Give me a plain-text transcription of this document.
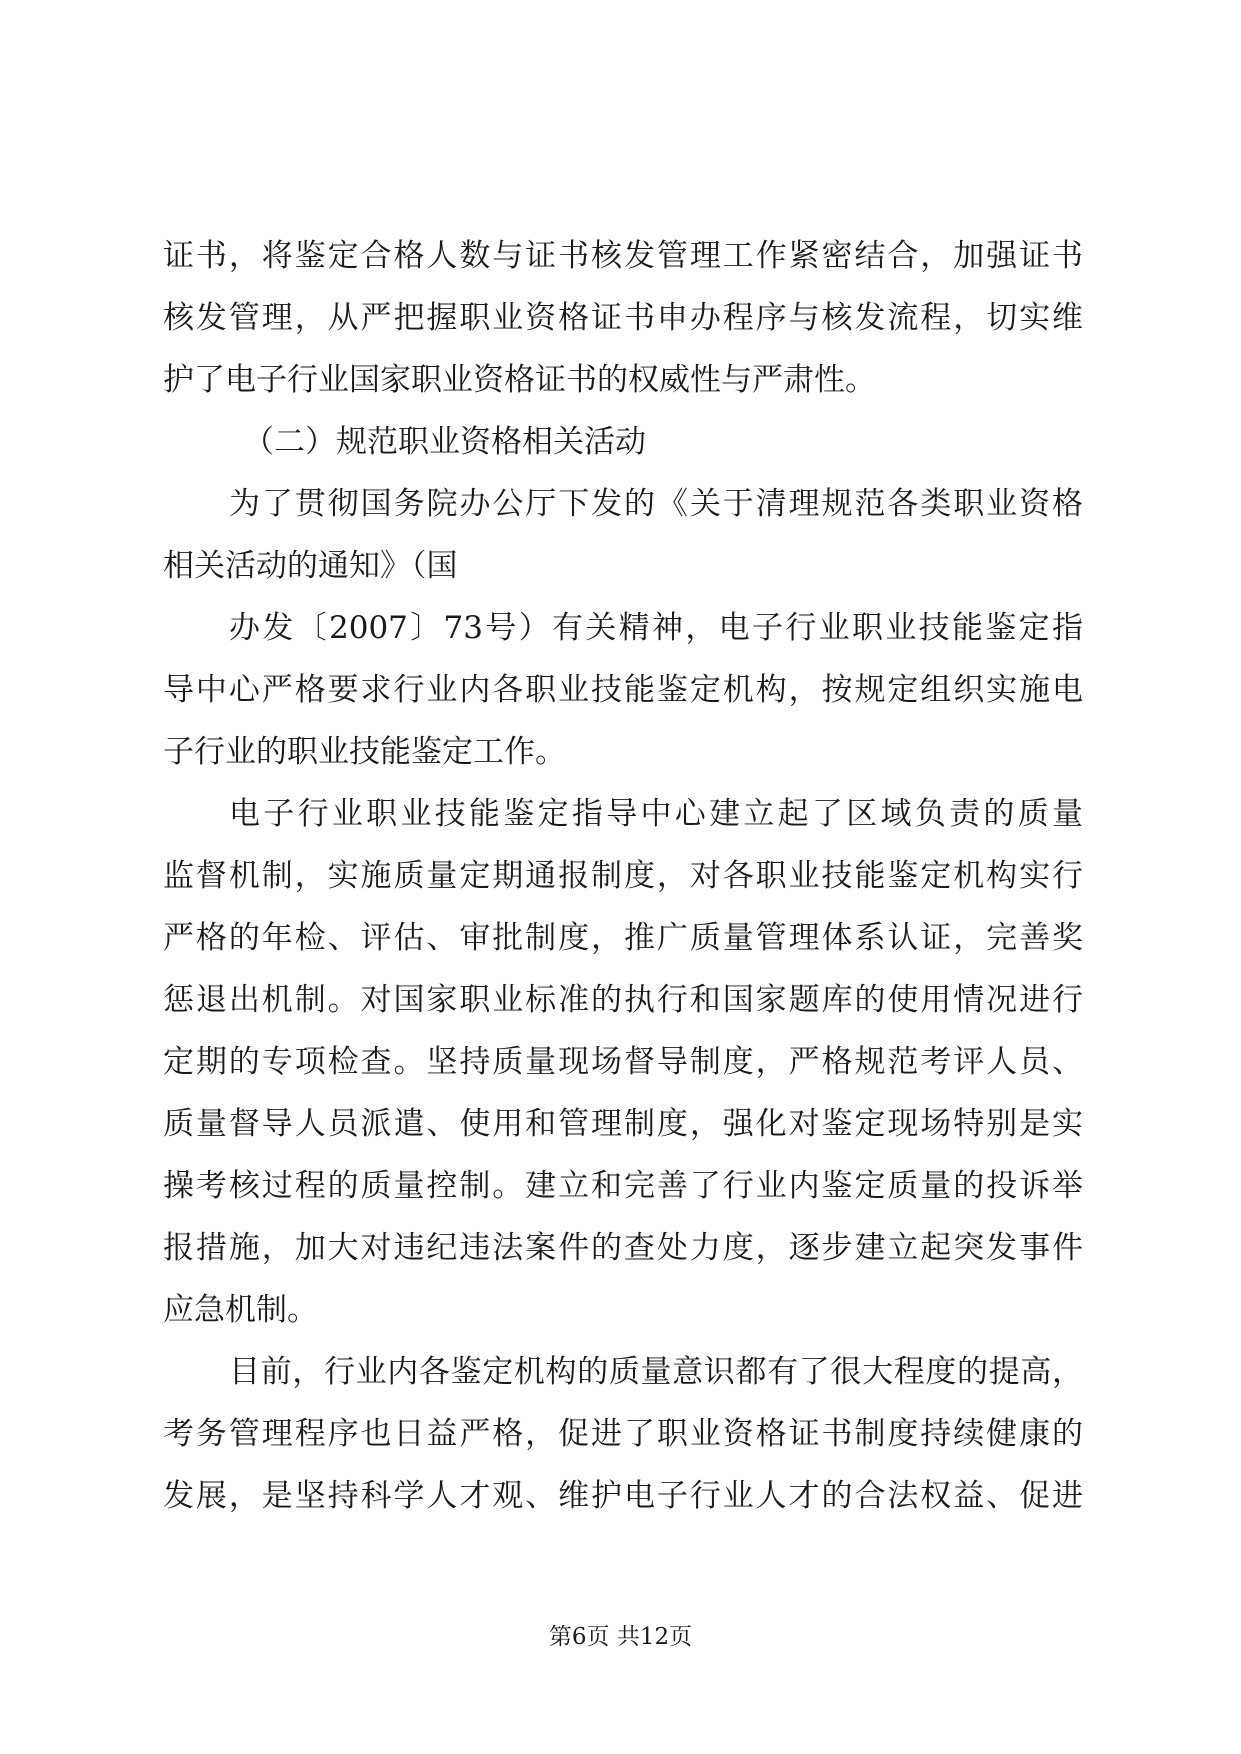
证书，将鉴定合格人数与证书核发管理工作紧密结合，加强证书
核发管理，从严把握职业资格证书申办程序与核发流程，切实维
护了电子行业国家职业资格证书的权威性与严肃性。
（二）规范职业资格相关活动
为了贯彻国务院办公厅下发的《关于清理规范各类职业资格
相关活动的通知》（国
办发〔2007〕73号）有关精神，电子行业职业技能鉴定指
导中心严格要求行业内各职业技能鉴定机构，按规定组织实施电
子行业的职业技能鉴定工作。
电子行业职业技能鉴定指导中心建立起了区域负责的质量
监督机制，实施质量定期通报制度，对各职业技能鉴定机构实行
严格的年检、评估、审批制度，推广质量管理体系认证，完善奖
惩退出机制。对国家职业标准的执行和国家题库的使用情况进行
定期的专项检查。坚持质量现场督导制度，严格规范考评人员、
质量督导人员派遣、使用和管理制度，强化对鉴定现场特别是实
操考核过程的质量控制。建立和完善了行业内鉴定质量的投诉举
报措施，加大对违纪违法案件的查处力度，逐步建立起突发事件
应急机制。
目前，行业内各鉴定机构的质量意识都有了很大程度的提高，
考务管理程序也日益严格，促进了职业资格证书制度持续健康的
发展，是坚持科学人才观、维护电子行业人才的合法权益、促进
第6页 共12页
